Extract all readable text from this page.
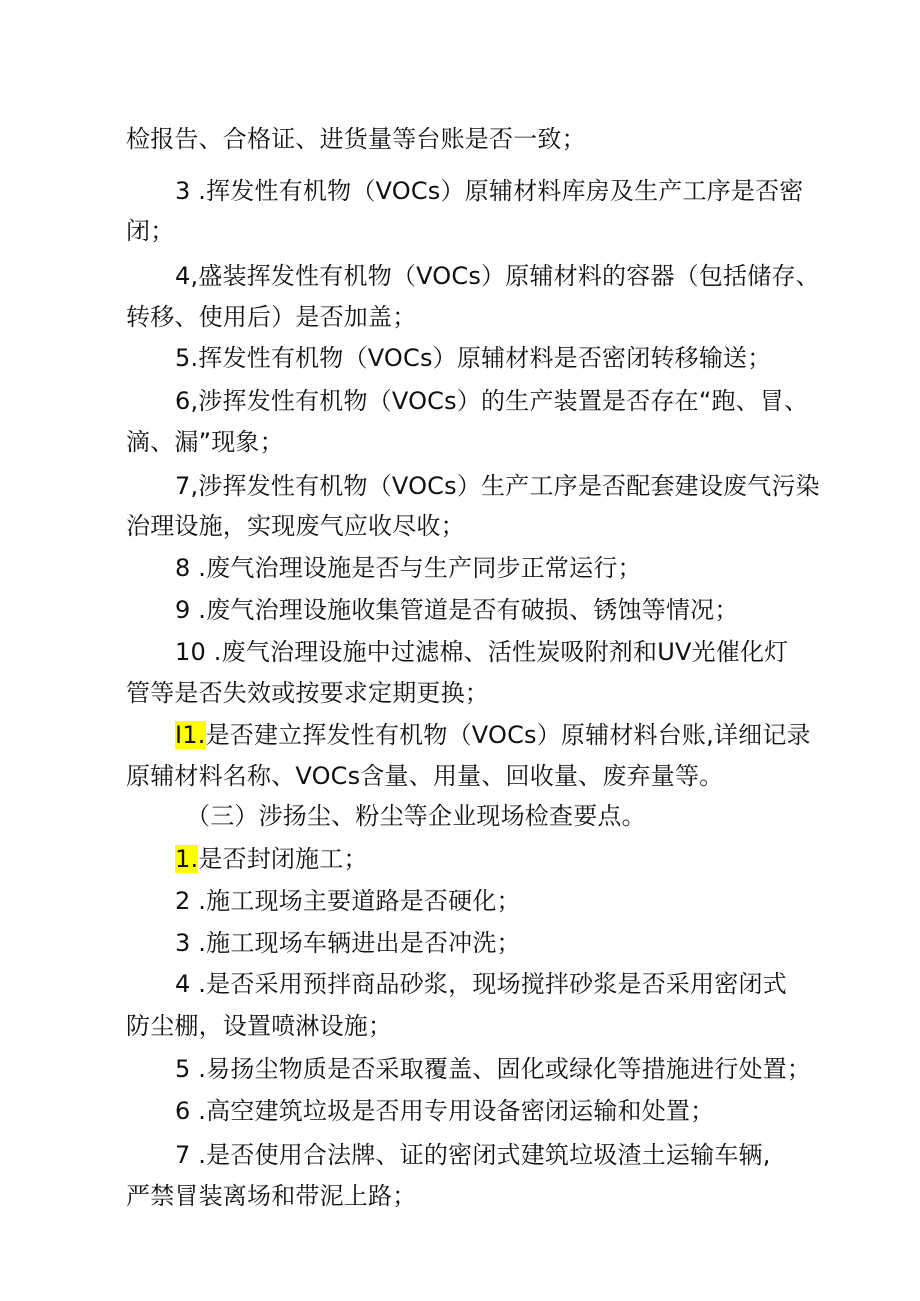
检报告、合格证、进货量等台账是否一致；
3 .挥发性有机物（VOCs）原辅材料库房及生产工序是否密
闭；
4,盛装挥发性有机物（VOCs）原辅材料的容器（包括储存、
转移、使用后）是否加盖；
5.挥发性有机物（VOCs）原辅材料是否密闭转移输送；
6,涉挥发性有机物（VOCs）的生产装置是否存在“跑、冒、
滴、漏”现象；
7,涉挥发性有机物（VOCs）生产工序是否配套建设废气污染
治理设施，实现废气应收尽收；
8 .废气治理设施是否与生产同步正常运行；
9 .废气治理设施收集管道是否有破损、锈蚀等情况；
10 .废气治理设施中过滤棉、活性炭吸附剂和UV光催化灯
管等是否失效或按要求定期更换；
I1.是否建立挥发性有机物（VOCs）原辅材料台账,详细记录
原辅材料名称、VOCs含量、用量、回收量、废弃量等。
（三）涉扬尘、粉尘等企业现场检查要点。
1.是否封闭施工；
2 .施工现场主要道路是否硬化；
3 .施工现场车辆进出是否冲洗；
4 .是否采用预拌商品砂浆，现场搅拌砂浆是否采用密闭式
防尘棚，设置喷淋设施；
5 .易扬尘物质是否采取覆盖、固化或绿化等措施进行处置；
6 .高空建筑垃圾是否用专用设备密闭运输和处置；
7 .是否使用合法牌、证的密闭式建筑垃圾渣土运输车辆,
严禁冒装离场和带泥上路；
